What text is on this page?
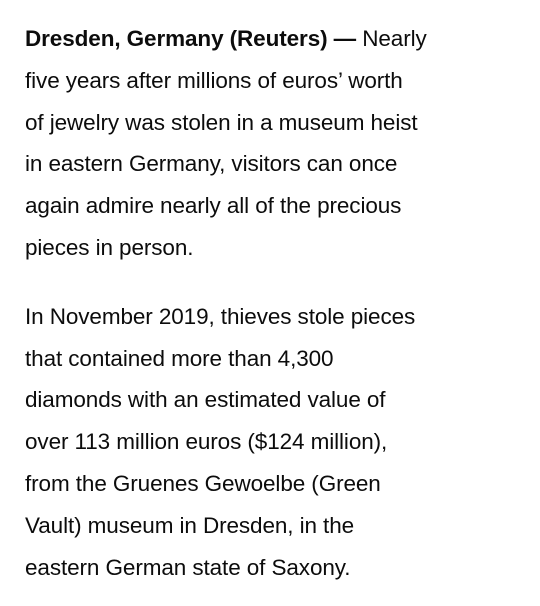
Dresden, Germany (Reuters) — Nearly
five years after millions of euros’ worth
of jewelry was stolen in a museum heist
in eastern Germany, visitors can once
again admire nearly all of the precious
pieces in person.

In November 2019, thieves stole pieces
that contained more than 4,300
diamonds with an estimated value of
over 113 million euros ($124 million),
from the Gruenes Gewoelbe (Green
Vault) museum in Dresden, in the
eastern German state of Saxony.
